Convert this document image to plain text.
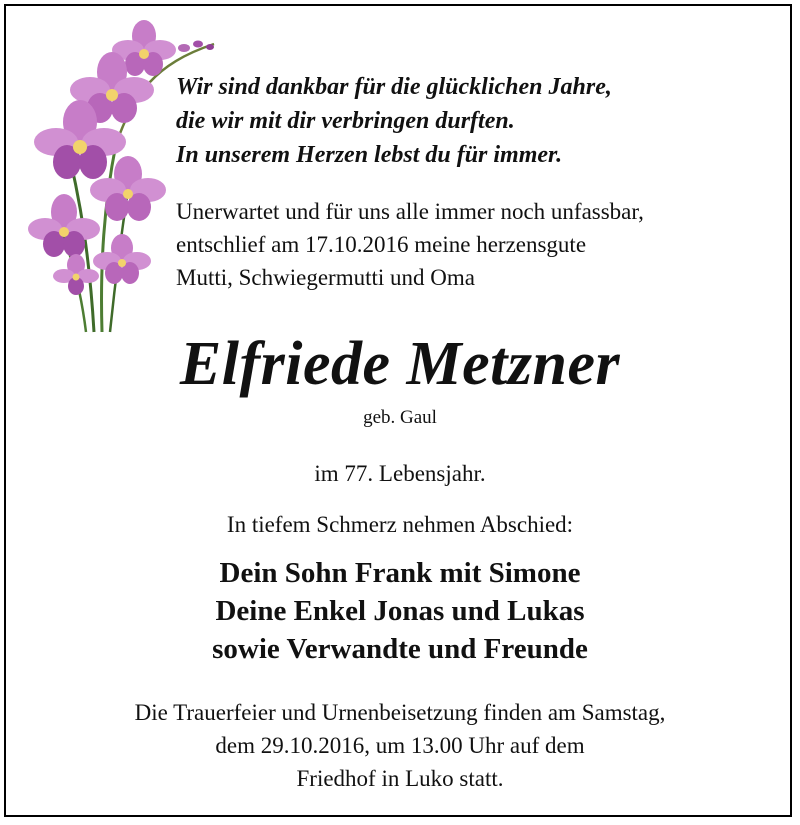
Wir sind dankbar für die glücklichen Jahre,
die wir mit dir verbringen durften.
In unserem Herzen lebst du für immer.
Unerwartet und für uns alle immer noch unfassbar,
entschlief am 17.10.2016 meine herzensgute
Mutti, Schwiegermutti und Oma
Elfriede Metzner
geb. Gaul
im 77. Lebensjahr.
In tiefem Schmerz nehmen Abschied:
Dein Sohn Frank mit Simone
Deine Enkel Jonas und Lukas
sowie Verwandte und Freunde
Die Trauerfeier und Urnenbeisetzung finden am Samstag,
dem 29.10.2016, um 13.00 Uhr auf dem
Friedhof in Luko statt.
